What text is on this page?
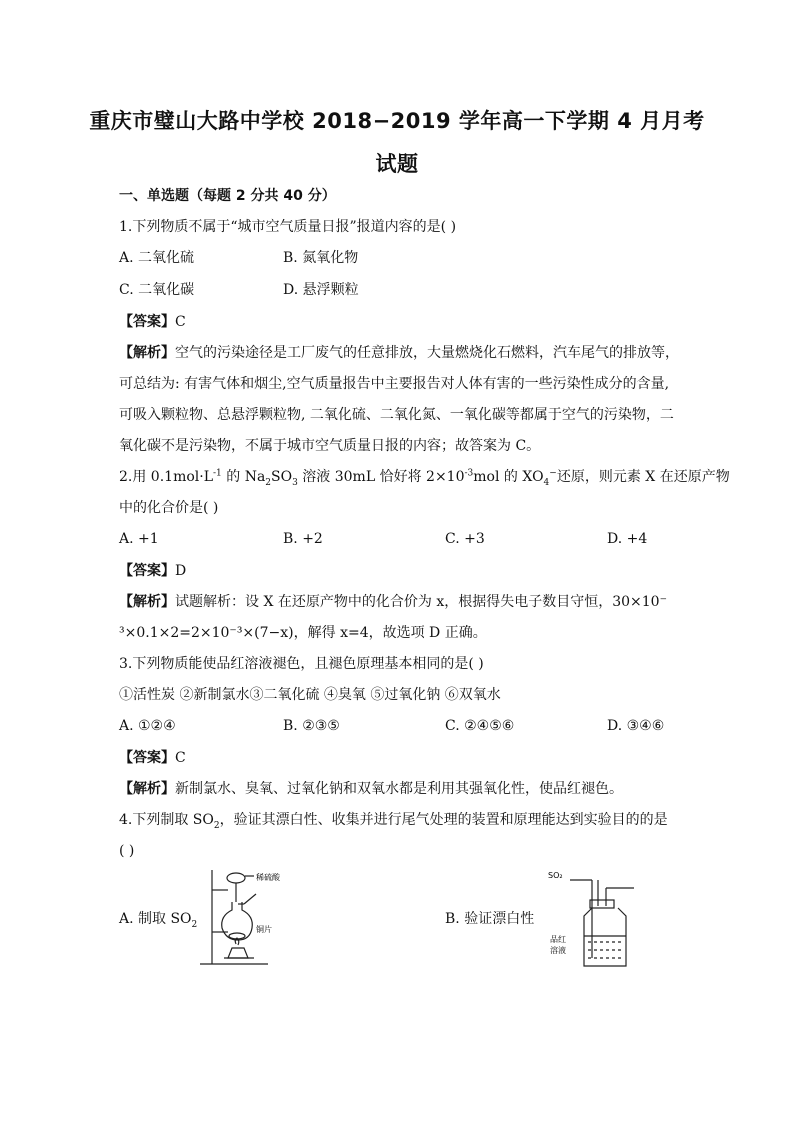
重庆市璧山大路中学校 2018−2019 学年高一下学期 4 月月考
试题
一、单选题（每题 2 分共 40 分）
1.下列物质不属于“城市空气质量日报”报道内容的是( )
A. 二氧化硫	B. 氮氧化物
C. 二氧化碳	D. 悬浮颗粒
【答案】C
【解析】空气的污染途径是工厂废气的任意排放，大量燃烧化石燃料，汽车尾气的排放等，
可总结为: 有害气体和烟尘,空气质量报告中主要报告对人体有害的一些污染性成分的含量,
可吸入颗粒物、总悬浮颗粒物, 二氧化硫、二氧化氮、一氧化碳等都属于空气的污染物，二
氧化碳不是污染物，不属于城市空气质量日报的内容；故答案为 C。
2.用 $0.1mol\cdot L^{-1}$ 的 $Na_2SO_3$ 溶液 30mL 恰好将 $2\times 10^{-3}mol$ 的 $XO_4^-$还原，则元素 X 在还原产物
中的化合价是( )
A. +1	B. +2	C. +3	D. +4
【答案】D
【解析】试题解析：设 X 在还原产物中的化合价为 x，根据得失电子数目守恒，30×10⁻
³×0.1×2=2×10⁻³×(7−x)，解得 x=4，故选项 D 正确。
3.下列物质能使品红溶液褪色，且褪色原理基本相同的是( )
①活性炭 ②新制氯水③二氧化硫 ④臭氧 ⑤过氧化钠 ⑥双氧水
A. ①②④	B. ②③⑤	C. ②④⑤⑥	D. ③④⑥
【答案】C
【解析】新制氯水、臭氧、过氧化钠和双氧水都是利用其强氧化性，使品红褪色。
4.下列制取 $SO_2$，验证其漂白性、收集并进行尾气处理的装置和原理能达到实验目的的是
( )
A. 制取 $SO_2$	B. 验证漂白性
稀硫酸
铜片
SO₂
品红
溶液
